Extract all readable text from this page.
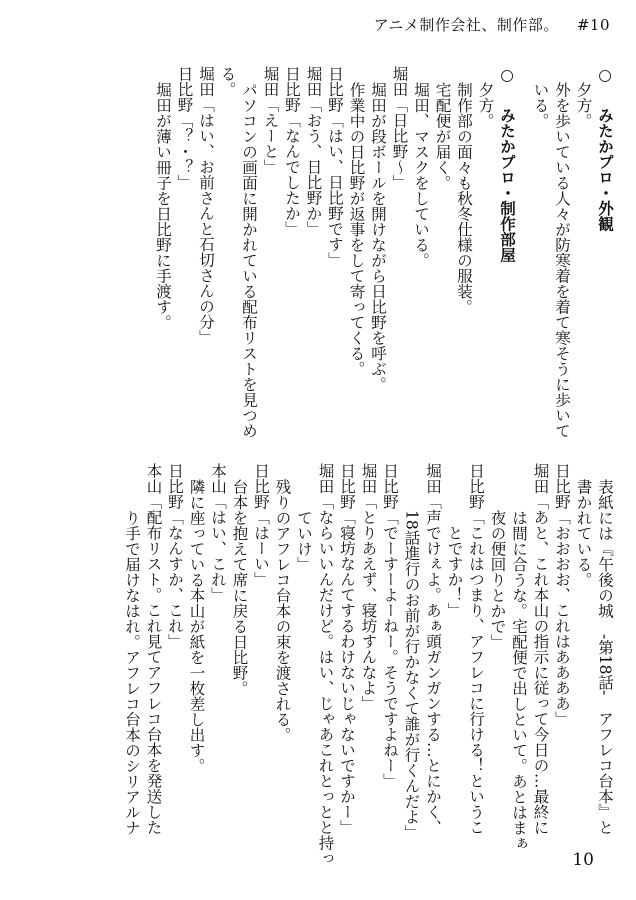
アニメ制作会社、制作部。 #10
○　みたかプロ・外観
夕方。
外を歩いている人々が防寒着を着て寒そうに歩いて
いる。
○　みたかプロ・制作部屋
夕方。
制作部の面々も秋冬仕様の服装。
宅配便が届く。
堀田、マスクをしている。
堀田「日比野～」
堀田が段ボールを開けながら日比野を呼ぶ。
作業中の日比野が返事をして寄ってくる。
日比野「はい、日比野です」
堀田「おう、日比野か」
日比野「なんでしたか」
堀田「えーと」
パソコンの画面に開かれている配布リストを見つめ
る。
堀田「はい、お前さんと石切さんの分」
日比野「？・？」
堀田が薄い冊子を日比野に手渡す。
表紙には『午後の城　-第18話-　アフレコ台本』と
書かれている。
日比野「おおおお、これはああああ」
堀田「あと、これ本山の指示に従って今日の…最終に
は間に合うな。宅配便で出しといて。あとはまぁ
夜の便回りとかで」
日比野「これはつまり、アフレコに行ける！というこ
とですか！」
堀田「声でけぇよ。あぁ頭ガンガンする…とにかく、
18話進行のお前が行かなくて誰が行くんだよ」
日比野「でーすーよーねー。そうですよねー」
堀田「とりあえず、寝坊すんなよ」
日比野「寝坊なんてするわけないじゃないですかー」
堀田「ならいいんだけど。はい、じゃあこれとっとと持っ
ていけ」
残りのアフレコ台本の束を渡される。
日比野「はーい」
台本を抱えて席に戻る日比野。
本山「はい、これ」
隣に座っている本山が紙を一枚差し出す。
日比野「なんすか、これ」
本山「配布リスト。これ見てアフレコ台本を発送した
り手で届けなはれ。アフレコ台本のシリアルナ
10
